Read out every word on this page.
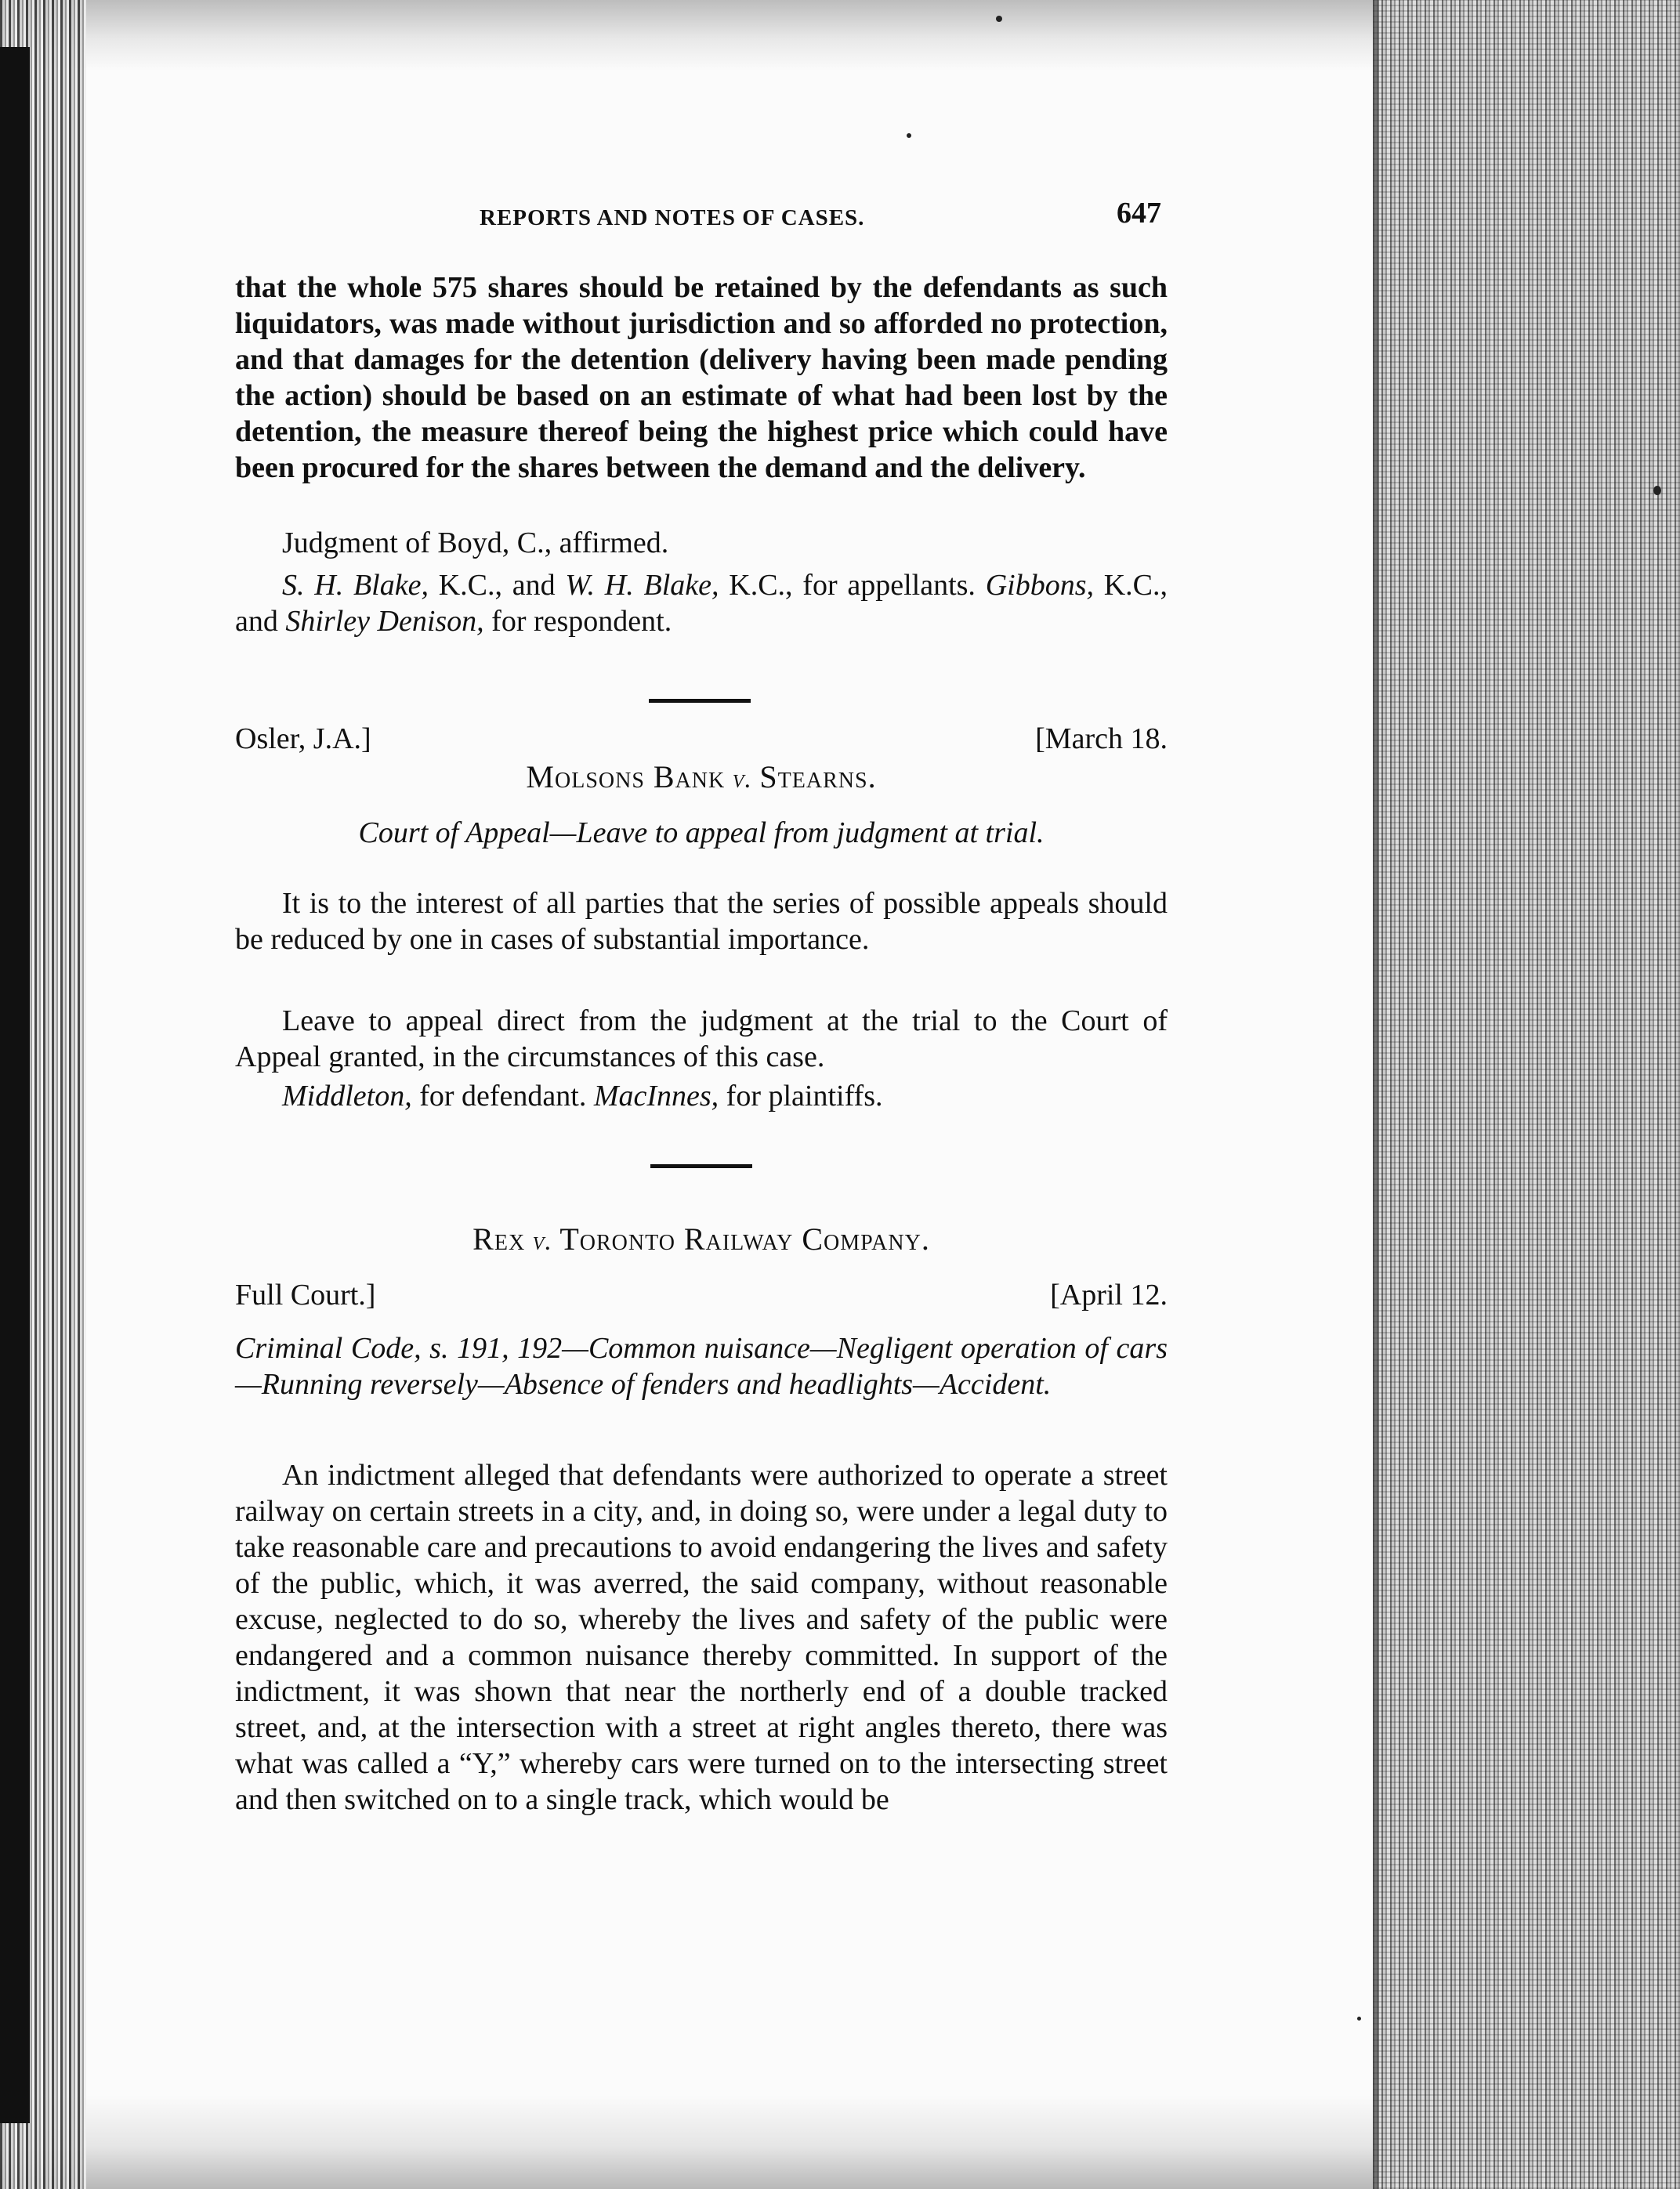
REPORTS AND NOTES OF CASES.	647

that the whole 575 shares should be retained by the defendants as such liquidators, was made without jurisdiction and so afforded no protection, and that damages for the detention (delivery having been made pending the action) should be based on an estimate of what had been lost by the detention, the measure thereof being the highest price which could have been procured for the shares between the demand and the delivery.

Judgment of Boyd, C., affirmed.

S. H. Blake, K.C., and W. H. Blake, K.C., for appellants. Gibbons, K.C., and Shirley Denison, for respondent.

Osler, J.A.]	[March 18.
Molsons Bank v. Stearns.

Court of Appeal—Leave to appeal from judgment at trial.

It is to the interest of all parties that the series of possible appeals should be reduced by one in cases of substantial importance.

Leave to appeal direct from the judgment at the trial to the Court of Appeal granted, in the circumstances of this case.

Middleton, for defendant. MacInnes, for plaintiffs.

Rex v. Toronto Railway Company.
Full Court.]	[April 12.

Criminal Code, s. 191, 192—Common nuisance—Negligent operation of cars—Running reversely—Absence of fenders and headlights—Accident.

An indictment alleged that defendants were authorized to operate a street railway on certain streets in a city, and, in doing so, were under a legal duty to take reasonable care and precautions to avoid endangering the lives and safety of the public, which, it was averred, the said company, without reasonable excuse, neglected to do so, whereby the lives and safety of the public were endangered and a common nuisance thereby committed. In support of the indictment, it was shown that near the northerly end of a double tracked street, and, at the intersection with a street at right angles thereto, there was what was called a “Y,” whereby cars were turned on to the intersecting street and then switched on to a single track, which would be
